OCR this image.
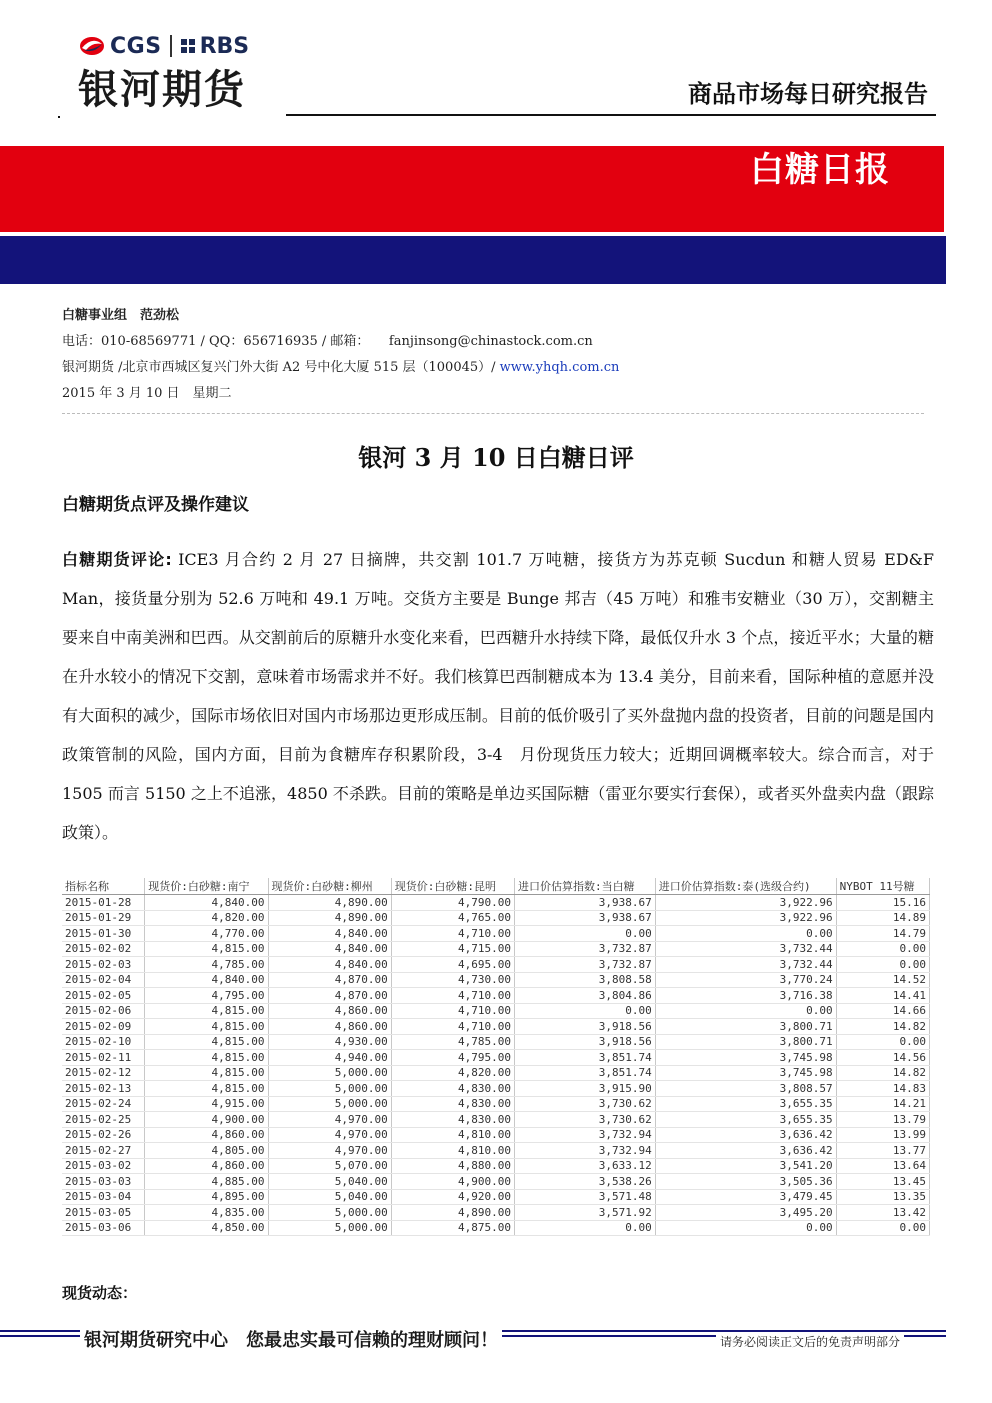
CGS RBS
银河期货	商品市场每日研究报告
白糖日报
白糖事业组　范劲松
电话：010-68569771 / QQ：656716935 / 邮箱：　　fanjinsong@chinastock.com.cn
银河期货 /北京市西城区复兴门外大街 A2 号中化大厦 515 层（100045）/ www.yhqh.com.cn
2015 年 3 月 10 日　星期二
银河 3 月 10 日白糖日评
白糖期货点评及操作建议
白糖期货评论: ICE3 月合约 2 月 27 日摘牌，共交割 101.7 万吨糖，接货方为苏克顿 Sucdun 和糖人贸易 ED&F Man，接货量分别为 52.6 万吨和 49.1 万吨。交货方主要是 Bunge 邦吉（45 万吨）和雅韦安糖业（30 万），交割糖主要来自中南美洲和巴西。从交割前后的原糖升水变化来看，巴西糖升水持续下降，最低仅升水 3 个点，接近平水；大量的糖在升水较小的情况下交割，意味着市场需求并不好。我们核算巴西制糖成本为 13.4 美分，目前来看，国际种植的意愿并没有大面积的减少，国际市场依旧对国内市场那边更形成压制。目前的低价吸引了买外盘抛内盘的投资者，目前的问题是国内政策管制的风险，国内方面，目前为食糖库存积累阶段，3-4　月份现货压力较大；近期回调概率较大。综合而言，对于 1505 而言 5150 之上不追涨，4850 不杀跌。目前的策略是单边买国际糖（雷亚尔要实行套保），或者买外盘卖内盘（跟踪政策）。
指标名称	现货价:白砂糖:南宁	现货价:白砂糖:柳州	现货价:白砂糖:昆明	进口价估算指数:当白糖	进口价估算指数:泰(选级合约)	NYBOT 11号糖
2015-01-28	4,840.00	4,890.00	4,790.00	3,938.67	3,922.96	15.16
2015-01-29	4,820.00	4,890.00	4,765.00	3,938.67	3,922.96	14.89
2015-01-30	4,770.00	4,840.00	4,710.00	0.00	0.00	14.79
2015-02-02	4,815.00	4,840.00	4,715.00	3,732.87	3,732.44	0.00
2015-02-03	4,785.00	4,840.00	4,695.00	3,732.87	3,732.44	0.00
2015-02-04	4,840.00	4,870.00	4,730.00	3,808.58	3,770.24	14.52
2015-02-05	4,795.00	4,870.00	4,710.00	3,804.86	3,716.38	14.41
2015-02-06	4,815.00	4,860.00	4,710.00	0.00	0.00	14.66
2015-02-09	4,815.00	4,860.00	4,710.00	3,918.56	3,800.71	14.82
2015-02-10	4,815.00	4,930.00	4,785.00	3,918.56	3,800.71	0.00
2015-02-11	4,815.00	4,940.00	4,795.00	3,851.74	3,745.98	14.56
2015-02-12	4,815.00	5,000.00	4,820.00	3,851.74	3,745.98	14.82
2015-02-13	4,815.00	5,000.00	4,830.00	3,915.90	3,808.57	14.83
2015-02-24	4,915.00	5,000.00	4,830.00	3,730.62	3,655.35	14.21
2015-02-25	4,900.00	4,970.00	4,830.00	3,730.62	3,655.35	13.79
2015-02-26	4,860.00	4,970.00	4,810.00	3,732.94	3,636.42	13.99
2015-02-27	4,805.00	4,970.00	4,810.00	3,732.94	3,636.42	13.77
2015-03-02	4,860.00	5,070.00	4,880.00	3,633.12	3,541.20	13.64
2015-03-03	4,885.00	5,040.00	4,900.00	3,538.26	3,505.36	13.45
2015-03-04	4,895.00	5,040.00	4,920.00	3,571.48	3,479.45	13.35
2015-03-05	4,835.00	5,000.00	4,890.00	3,571.92	3,495.20	13.42
2015-03-06	4,850.00	5,000.00	4,875.00	0.00	0.00	0.00
现货动态：
银河期货研究中心　您最忠实最可信赖的理财顾问！	请务必阅读正文后的免责声明部分
